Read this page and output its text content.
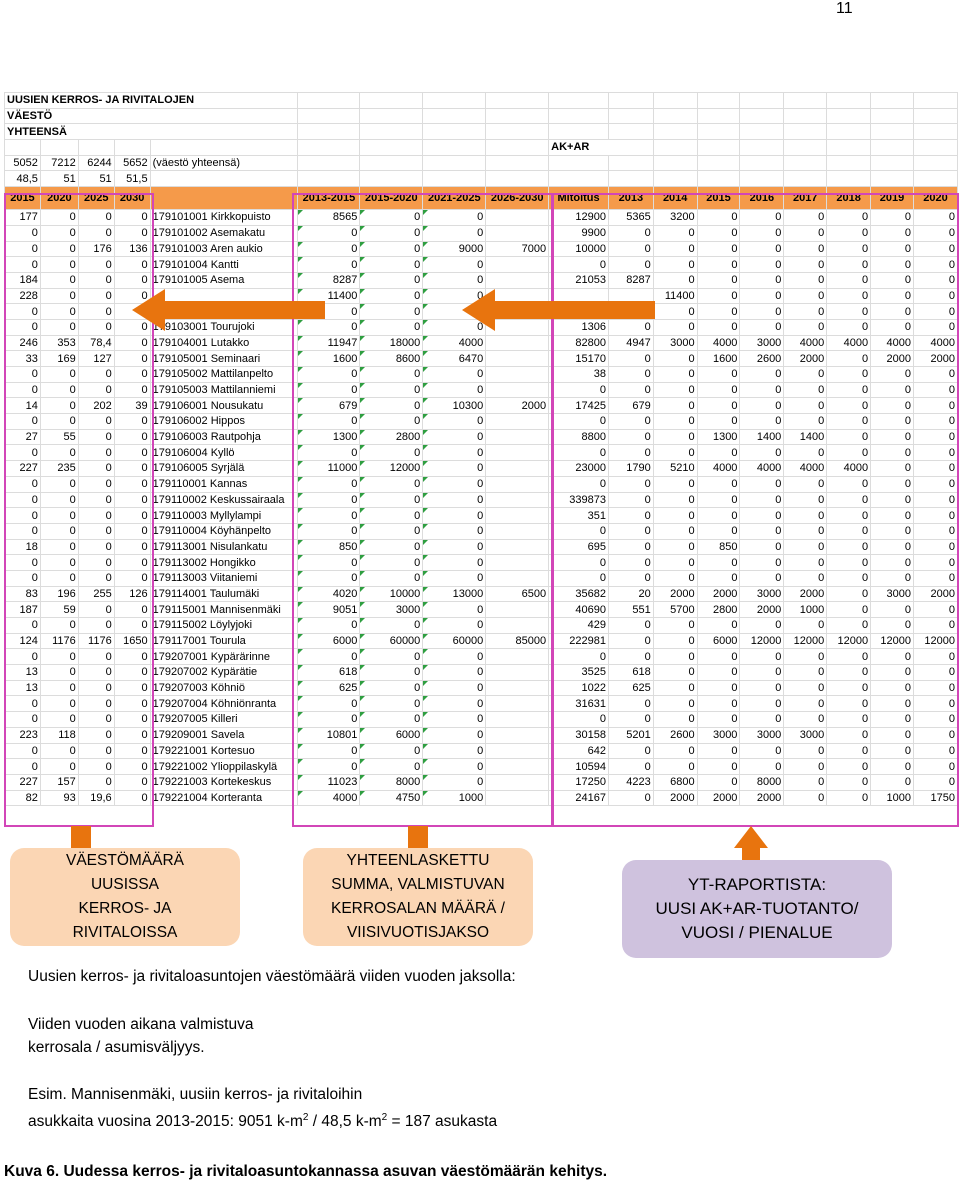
11
UUSIEN KERROS- JA RIVITALOJEN																	
VÄESTÖ																	
YHTEENSÄ																	
									AK+AR								
5052	7212	6244	5652	(väestö yhteensä)													
48,5	51	51	51,5														
2015	2020	2025	2030		2013-2015	2015-2020	2021-2025	2026-2030	Mitoitus	2013	2014	2015	2016	2017	2018	2019	2020
177	0	0	0	179101001 Kirkkopuisto	8565	0	0		12900	5365	3200	0	0	0	0	0	0
0	0	0	0	179101002 Asemakatu	0	0	0		9900	0	0	0	0	0	0	0	0
0	0	176	136	179101003 Aren aukio	0	0	9000	7000	10000	0	0	0	0	0	0	0	0
0	0	0	0	179101004 Kantti	0	0	0		0	0	0	0	0	0	0	0	0
184	0	0	0	179101005 Asema	8287	0	0		21053	8287	0	0	0	0	0	0	0
228	0	0	0		11400	0	0				11400	0	0	0	0	0	0
0	0	0			0	0					0	0	0	0	0	0	0
0	0	0	0	179103001 Tourujoki	0	0	0		1306	0	0	0	0	0	0	0	0
246	353	78,4	0	179104001 Lutakko	11947	18000	4000		82800	4947	3000	4000	3000	4000	4000	4000	4000
33	169	127	0	179105001 Seminaari	1600	8600	6470		15170	0	0	1600	2600	2000	0	2000	2000
0	0	0	0	179105002 Mattilanpelto	0	0	0		38	0	0	0	0	0	0	0	0
0	0	0	0	179105003 Mattilanniemi	0	0	0		0	0	0	0	0	0	0	0	0
14	0	202	39	179106001 Nousukatu	679	0	10300	2000	17425	679	0	0	0	0	0	0	0
0	0	0	0	179106002 Hippos	0	0	0		0	0	0	0	0	0	0	0	0
27	55	0	0	179106003 Rautpohja	1300	2800	0		8800	0	0	1300	1400	1400	0	0	0
0	0	0	0	179106004 Kyllö	0	0	0		0	0	0	0	0	0	0	0	0
227	235	0	0	179106005 Syrjälä	11000	12000	0		23000	1790	5210	4000	4000	4000	4000	0	0
0	0	0	0	179110001 Kannas	0	0	0		0	0	0	0	0	0	0	0	0
0	0	0	0	179110002 Keskussairaala	0	0	0		339873	0	0	0	0	0	0	0	0
0	0	0	0	179110003 Myllylampi	0	0	0		351	0	0	0	0	0	0	0	0
0	0	0	0	179110004 Köyhänpelto	0	0	0		0	0	0	0	0	0	0	0	0
18	0	0	0	179113001 Nisulankatu	850	0	0		695	0	0	850	0	0	0	0	0
0	0	0	0	179113002 Hongikko	0	0	0		0	0	0	0	0	0	0	0	0
0	0	0	0	179113003 Viitaniemi	0	0	0		0	0	0	0	0	0	0	0	0
83	196	255	126	179114001 Taulumäki	4020	10000	13000	6500	35682	20	2000	2000	3000	2000	0	3000	2000
187	59	0	0	179115001 Mannisenmäki	9051	3000	0		40690	551	5700	2800	2000	1000	0	0	0
0	0	0	0	179115002 Löylyjoki	0	0	0		429	0	0	0	0	0	0	0	0
124	1176	1176	1650	179117001 Tourula	6000	60000	60000	85000	222981	0	0	6000	12000	12000	12000	12000	12000
0	0	0	0	179207001 Kypärärinne	0	0	0		0	0	0	0	0	0	0	0	0
13	0	0	0	179207002 Kypärätie	618	0	0		3525	618	0	0	0	0	0	0	0
13	0	0	0	179207003 Köhniö	625	0	0		1022	625	0	0	0	0	0	0	0
0	0	0	0	179207004 Köhniönranta	0	0	0		31631	0	0	0	0	0	0	0	0
0	0	0	0	179207005 Killeri	0	0	0		0	0	0	0	0	0	0	0	0
223	118	0	0	179209001 Savela	10801	6000	0		30158	5201	2600	3000	3000	3000	0	0	0
0	0	0	0	179221001 Kortesuo	0	0	0		642	0	0	0	0	0	0	0	0
0	0	0	0	179221002 Ylioppilaskylä	0	0	0		10594	0	0	0	0	0	0	0	0
227	157	0	0	179221003 Kortekeskus	11023	8000	0		17250	4223	6800	0	8000	0	0	0	0
82	93	19,6	0	179221004 Korteranta	4000	4750	1000		24167	0	2000	2000	2000	0	0	1000	1750
VÄESTÖMÄÄRÄ
UUSISSA
KERROS- JA
RIVITALOISSA
YHTEENLASKETTU
SUMMA, VALMISTUVAN
KERROSALAN MÄÄRÄ /
VIISIVUOTISJAKSO
YT-RAPORTISTA:
UUSI AK+AR-TUOTANTO/
VUOSI / PIENALUE
Uusien kerros- ja rivitaloasuntojen väestömäärä viiden vuoden jaksolla:
Viiden vuoden aikana valmistuva
kerrosala / asumisväljyys.
Esim. Mannisenmäki, uusiin kerros- ja rivitaloihin
asukkaita vuosina 2013-2015: 9051 $k-m^2 / 48,5$ $k-m^2 = 187$ asukasta
Kuva 6. Uudessa kerros- ja rivitaloasuntokannassa asuvan väestömäärän kehitys.
